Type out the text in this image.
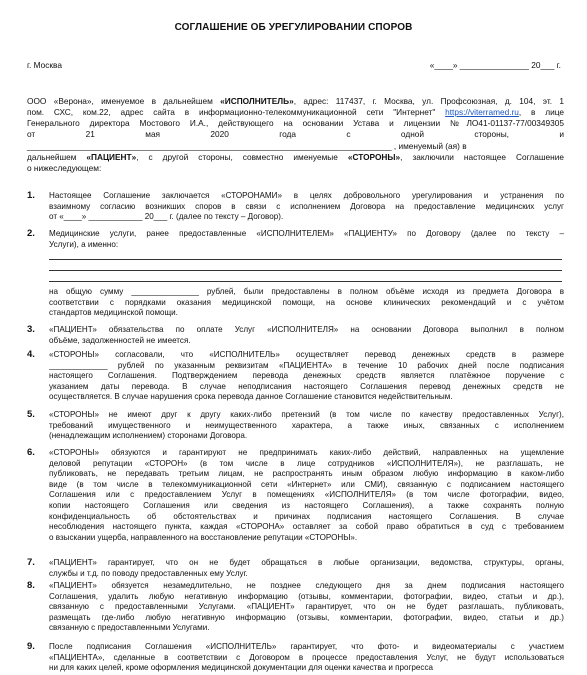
СОГЛАШЕНИЕ ОБ УРЕГУЛИРОВАНИИ СПОРОВ
г. Москва	«____» _______________ 20___ г.
ООО «Верона», именуемое в дальнейшем «ИСПОЛНИТЕЛЬ», адрес: 117437, г. Москва, ул. Профсоюзная, д. 104, эт. 1
пом. СХС, ком.22, адрес сайта в информационно-телекоммуникационной сети "Интернет" https://viterramed.ru, в лице
Генерального директора Мостового И.А., действующего на основании Устава и лицензии №ЛО41-01137-77/00349305
от 21 мая 2020 года с одной стороны, и
_______________________________________________________________________________ , именуемый (ая) в
дальнейшем «ПАЦИЕНТ», с другой стороны, совместно именуемые «СТОРОНЫ», заключили настоящее Соглашение
о нижеследующем:
1. Настоящее Соглашение заключается «СТОРОНАМИ» в целях добровольного урегулирования и устранения по
взаимному согласию возникших споров в связи с исполнением Договора на предоставление медицинских услуг
от «____» ____________ 20___ г. (далее по тексту – Договор).
2. Медицинские услуги, ранее предоставленные «ИСПОЛНИТЕЛЕМ» «ПАЦИЕНТУ» по Договору (далее по тексту –
Услуги), а именно:
на общую сумму _______________ рублей, были предоставлены в полном объёме исходя из предмета Договора в
соответствии с порядками оказания медицинской помощи, на основе клинических рекомендаций и с учётом
стандартов медицинской помощи.
3. «ПАЦИЕНТ» обязательства по оплате Услуг «ИСПОЛНИТЕЛЯ» на основании Договора выполнил в полном
объёме, задолженностей не имеется.
4. «СТОРОНЫ» согласовали, что «ИСПОЛНИТЕЛЬ» осуществляет перевод денежных средств в размере
_____________ рублей по указанным реквизитам «ПАЦИЕНТА» в течение 10 рабочих дней после подписания
настоящего Соглашения. Подтверждением перевода денежных средств является платёжное поручение с
указанием даты перевода. В случае неподписания настоящего Соглашения перевод денежных средств не
осуществляется. В случае нарушения срока перевода данное Соглашение становится недействительным.
5. «СТОРОНЫ» не имеют друг к другу каких-либо претензий (в том числе по качеству предоставленных Услуг),
требований имущественного и неимущественного характера, а также иных, связанных с исполнением
(ненадлежащим исполнением) сторонами Договора.
6. «СТОРОНЫ» обязуются и гарантируют не предпринимать каких-либо действий, направленных на ущемление
деловой репутации «СТОРОН» (в том числе в лице сотрудников «ИСПОЛНИТЕЛЯ»), не разглашать, не
публиковать, не передавать третьим лицам, не распространять иным образом любую информацию в каком-либо
виде (в том числе в телекоммуникационной сети «Интернет» или СМИ), связанную с подписанием настоящего
Соглашения или с предоставлением Услуг в помещениях «ИСПОЛНИТЕЛЯ» (в том числе фотографии, видео,
копии настоящего Соглашения или сведения из настоящего Соглашения), а также сохранять полную
конфиденциальность об обстоятельствах и причинах подписания настоящего Соглашения. В случае
несоблюдения настоящего пункта, каждая «СТОРОНА» оставляет за собой право обратиться в суд с требованием
о взыскании ущерба, направленного на восстановление репутации «СТОРОНЫ».
7. «ПАЦИЕНТ» гарантирует, что он не будет обращаться в любые организации, ведомства, структуры, органы,
службы и т.д. по поводу предоставленных ему Услуг.
8. «ПАЦИЕНТ» обязуется незамедлительно, не позднее следующего дня за днем подписания настоящего
Соглашения, удалить любую негативную информацию (отзывы, комментарии, фотографии, видео, статьи и др.),
связанную с предоставленными Услугами. «ПАЦИЕНТ» гарантирует, что он не будет разглашать, публиковать,
размещать где-либо любую негативную информацию (отзывы, комментарии, фотографии, видео, статьи и др.)
связанную с предоставленными Услугами.
9. После подписания Соглашения «ИСПОЛНИТЕЛЬ» гарантирует, что фото- и видеоматериалы с участием
«ПАЦИЕНТА», сделанные в соответствии с Договором в процессе предоставления Услуг, не будут использоваться
ни для каких целей, кроме оформления медицинской документации для оценки качества и прогресса
